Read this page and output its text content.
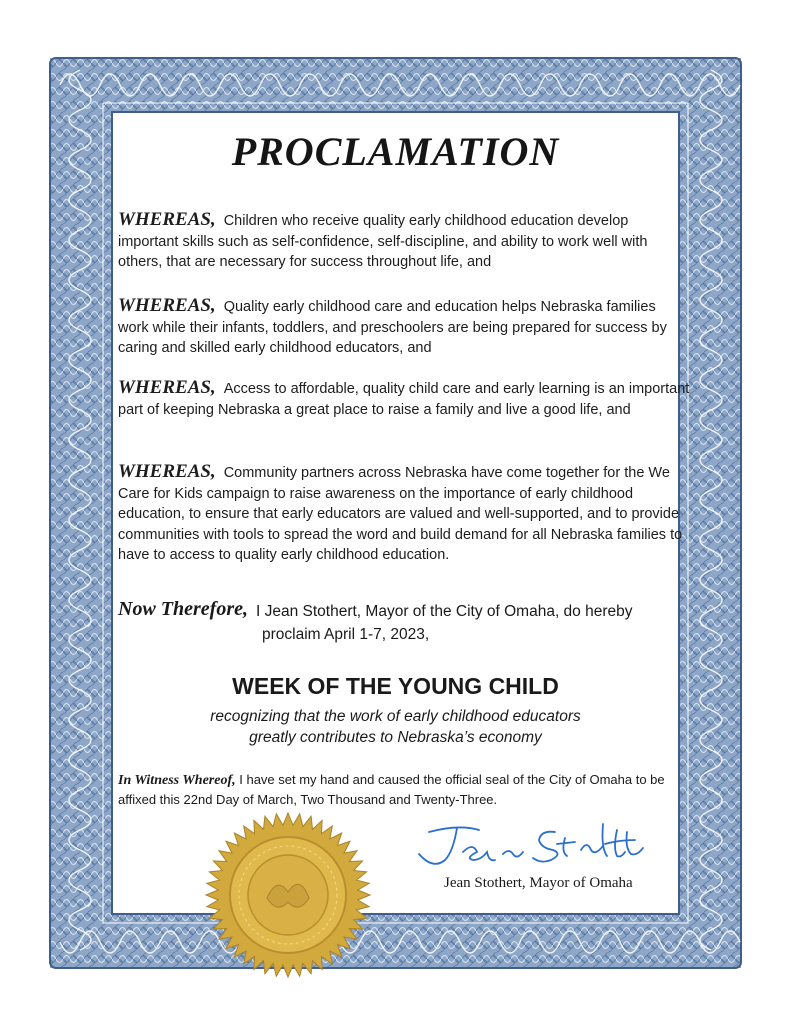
PROCLAMATION
WHEREAS, Children who receive quality early childhood education develop important skills such as self-confidence, self-discipline, and ability to work well with others, that are necessary for success throughout life, and
WHEREAS, Quality early childhood care and education helps Nebraska families work while their infants, toddlers, and preschoolers are being prepared for success by caring and skilled early childhood educators, and
WHEREAS, Access to affordable, quality child care and early learning is an important part of keeping Nebraska a great place to raise a family and live a good life, and
WHEREAS, Community partners across Nebraska have come together for the We Care for Kids campaign to raise awareness on the importance of early childhood education, to ensure that early educators are valued and well-supported, and to provide communities with tools to spread the word and build demand for all Nebraska families to have to access to quality early childhood education.
Now Therefore, I Jean Stothert, Mayor of the City of Omaha, do hereby
proclaim April 1-7, 2023,
WEEK OF THE YOUNG CHILD
recognizing that the work of early childhood educators greatly contributes to Nebraska’s economy
In Witness Whereof, I have set my hand and caused the official seal of the City of Omaha to be affixed this 22nd Day of March, Two Thousand and Twenty-Three.
Jean Stothert, Mayor of Omaha
